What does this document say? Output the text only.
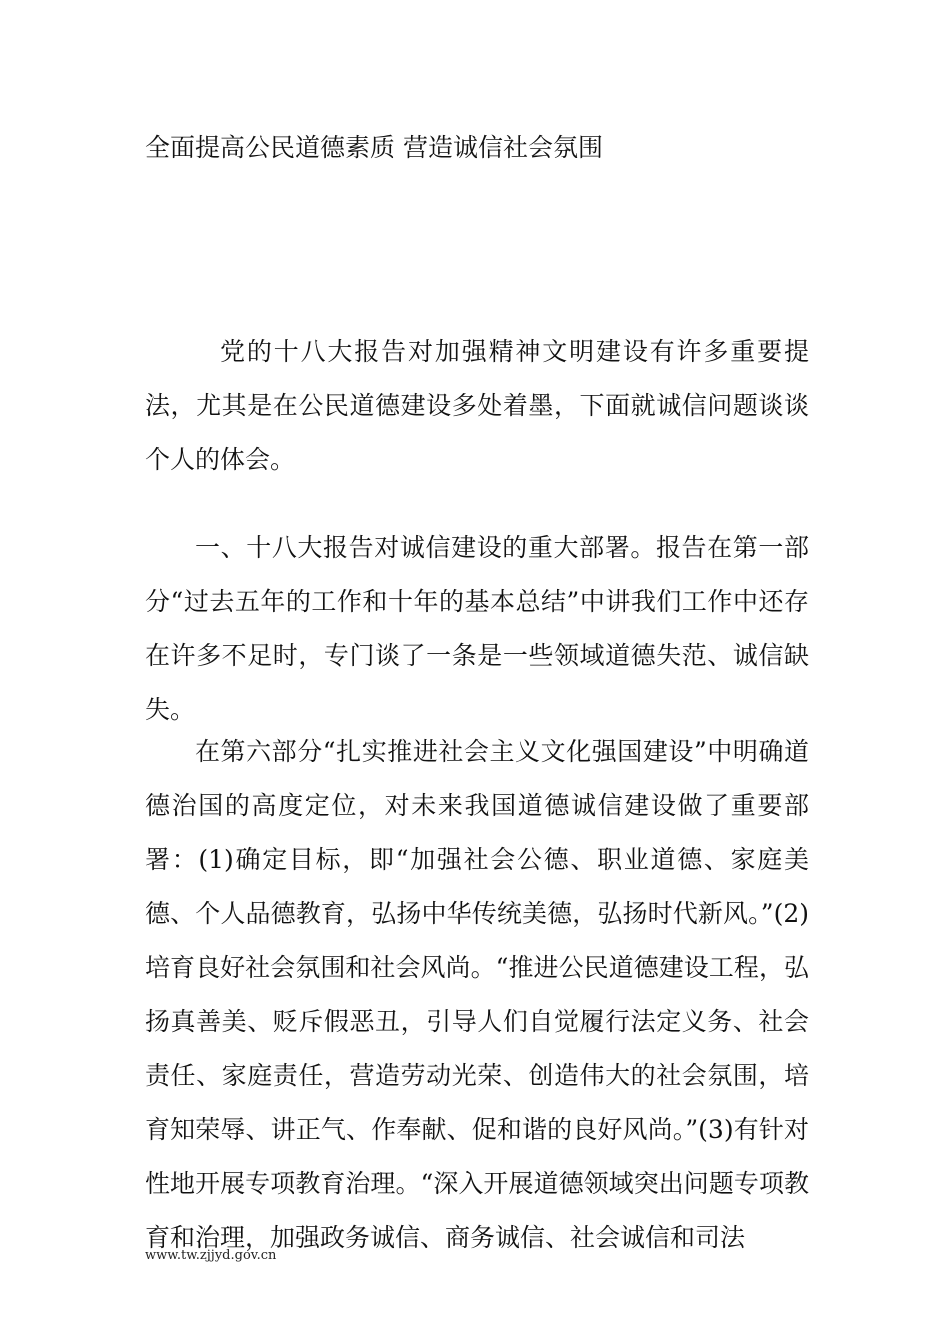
全面提高公民道德素质 营造诚信社会氛围

党的十八大报告对加强精神文明建设有许多重要提法，尤其是在公民道德建设多处着墨，下面就诚信问题谈谈个人的体会。

一、十八大报告对诚信建设的重大部署。报告在第一部分“过去五年的工作和十年的基本总结”中讲我们工作中还存在许多不足时，专门谈了一条是一些领域道德失范、诚信缺失。

在第六部分“扎实推进社会主义文化强国建设”中明确道德治国的高度定位，对未来我国道德诚信建设做了重要部署：(1)确定目标，即“加强社会公德、职业道德、家庭美德、个人品德教育，弘扬中华传统美德，弘扬时代新风。”(2)培育良好社会氛围和社会风尚。“推进公民道德建设工程，弘扬真善美、贬斥假恶丑，引导人们自觉履行法定义务、社会责任、家庭责任，营造劳动光荣、创造伟大的社会氛围，培育知荣辱、讲正气、作奉献、促和谐的良好风尚。”(3)有针对性地开展专项教育治理。“深入开展道德领域突出问题专项教育和治理，加强政务诚信、商务诚信、社会诚信和司法

www.tw.zjjyd.gov.cn
